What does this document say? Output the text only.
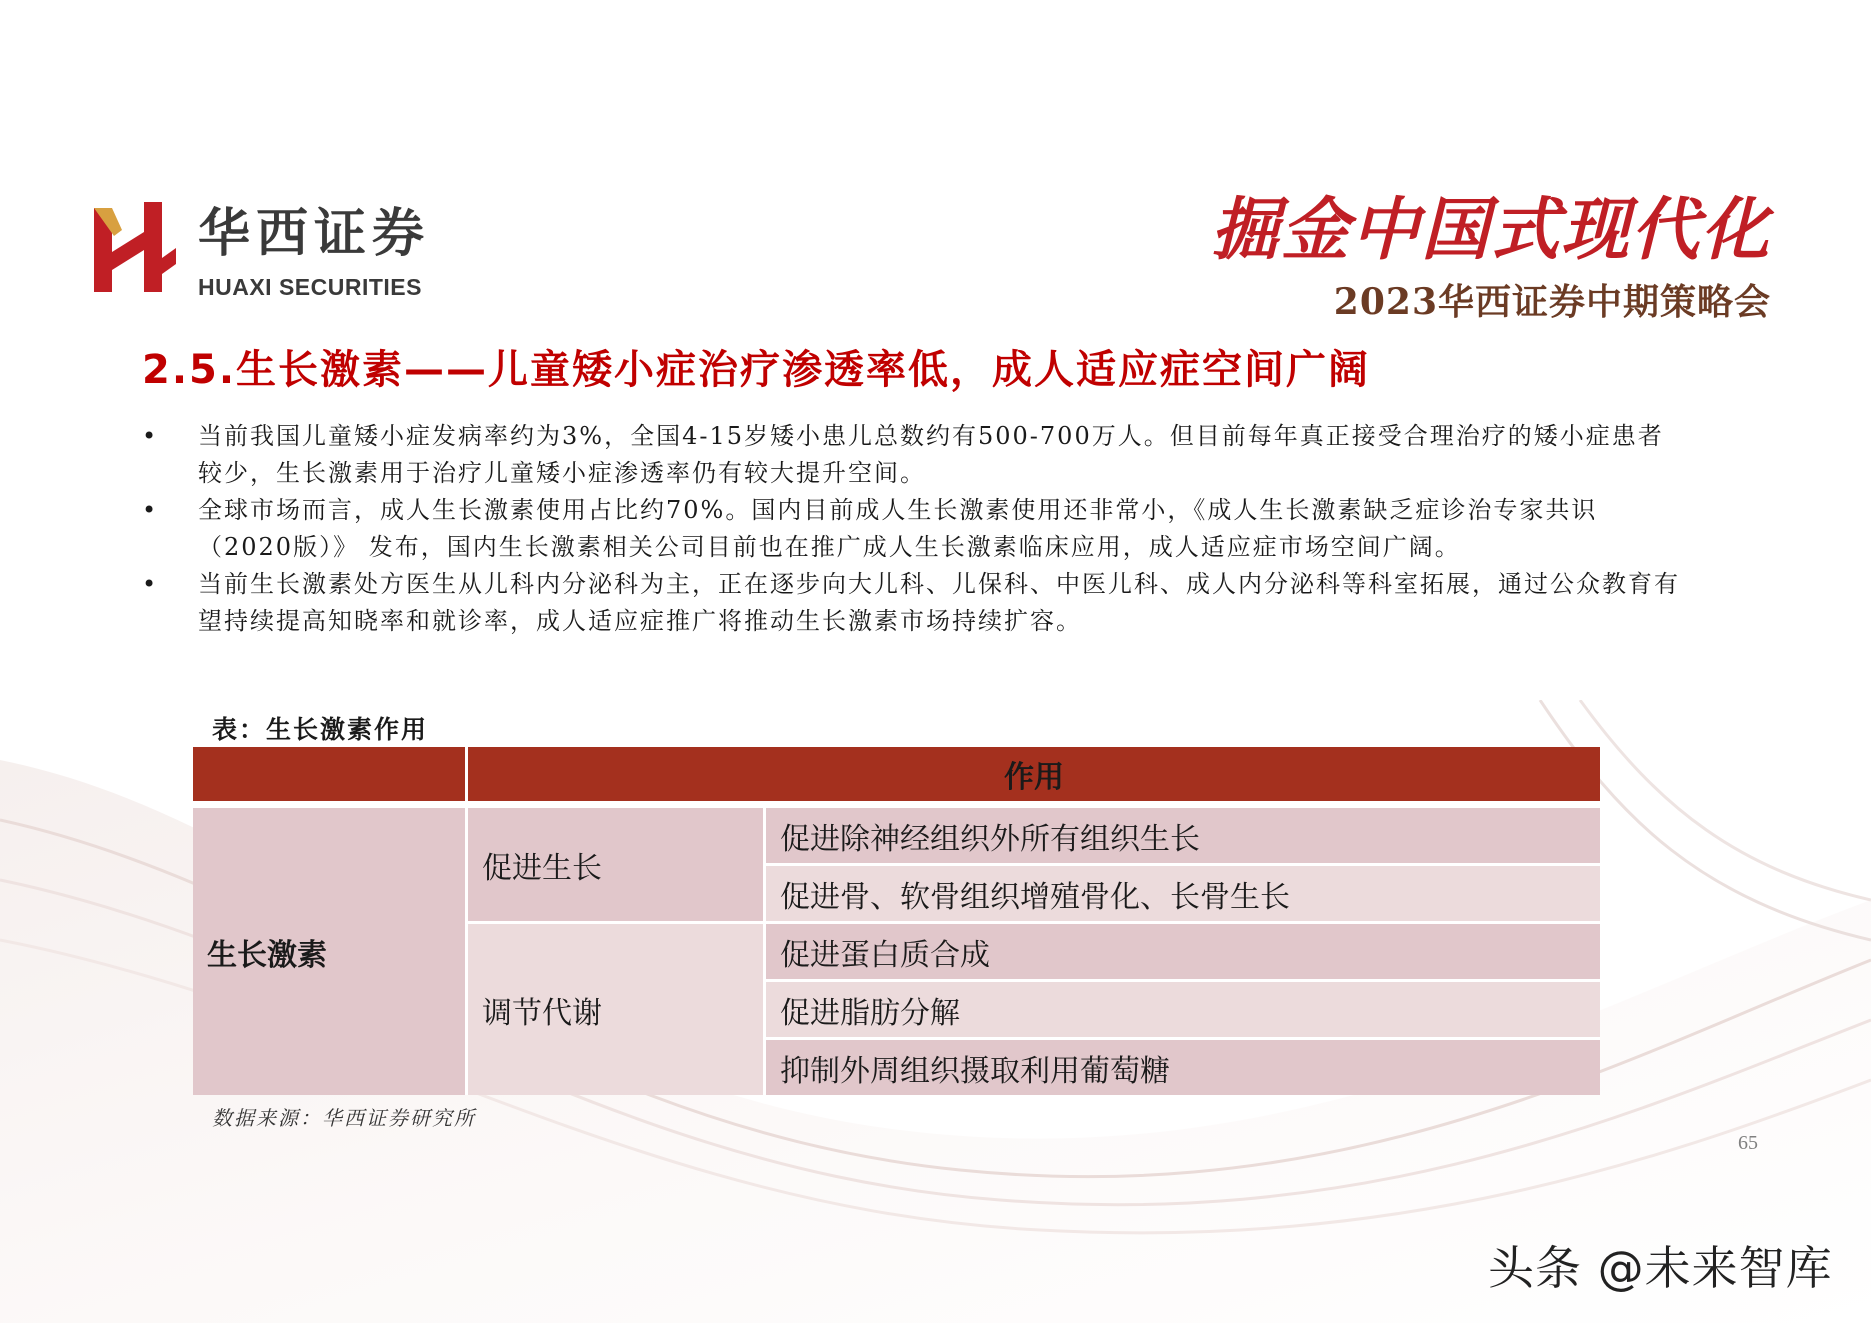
华西证券
HUAXI SECURITIES
掘金中国式现代化
2023华西证券中期策略会
2.5.生长激素——儿童矮小症治疗渗透率低，成人适应症空间广阔
•	当前我国儿童矮小症发病率约为3%，全国4-15岁矮小患儿总数约有500-700万人。但目前每年真正接受合理治疗的矮小症患者较少，生长激素用于治疗儿童矮小症渗透率仍有较大提升空间。
•	全球市场而言，成人生长激素使用占比约70%。国内目前成人生长激素使用还非常小，《成人生长激素缺乏症诊治专家共识（2020版）》 发布，国内生长激素相关公司目前也在推广成人生长激素临床应用，成人适应症市场空间广阔。
•	当前生长激素处方医生从儿科内分泌科为主，正在逐步向大儿科、儿保科、中医儿科、成人内分泌科等科室拓展，通过公众教育有望持续提高知晓率和就诊率，成人适应症推广将推动生长激素市场持续扩容。
表：生长激素作用
	作用	

生长激素	促进生长	促进除神经组织外所有组织生长
		促进骨、软骨组织增殖骨化、长骨生长
	调节代谢	促进蛋白质合成
		促进脂肪分解
		抑制外周组织摄取利用葡萄糖
数据来源：华西证券研究所
65
头条 @未来智库
